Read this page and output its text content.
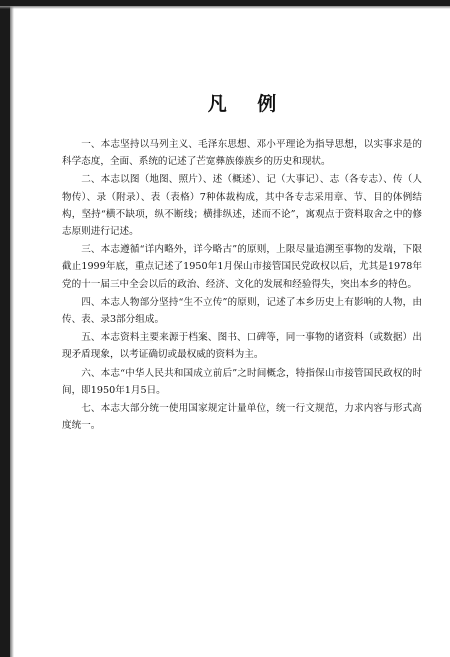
凡 例

一、本志坚持以马列主义、毛泽东思想、邓小平理论为指导思想，以实事求是的科学态度，全面、系统的记述了芒宽彝族傣族乡的历史和现状。

二、本志以图（地图、照片）、述（概述）、记（大事记）、志（各专志）、传（人物传）、录（附录）、表（表格）7种体裁构成，其中各专志采用章、节、目的体例结构，坚持“横不缺项，纵不断线；横排纵述，述而不论”，寓观点于资料取舍之中的修志原则进行记述。

三、本志遵循“详内略外，详今略古”的原则，上限尽量追溯至事物的发端，下限截止1999年底，重点记述了1950年1月保山市接管国民党政权以后，尤其是1978年党的十一届三中全会以后的政治、经济、文化的发展和经验得失，突出本乡的特色。

四、本志人物部分坚持“生不立传”的原则，记述了本乡历史上有影响的人物，由传、表、录3部分组成。

五、本志资料主要来源于档案、图书、口碑等，同一事物的诸资料（或数据）出现矛盾现象，以考证确切或最权威的资料为主。

六、本志“中华人民共和国成立前后”之时间概念，特指保山市接管国民政权的时间，即1950年1月5日。

七、本志大部分统一使用国家规定计量单位，统一行文规范，力求内容与形式高度统一。
